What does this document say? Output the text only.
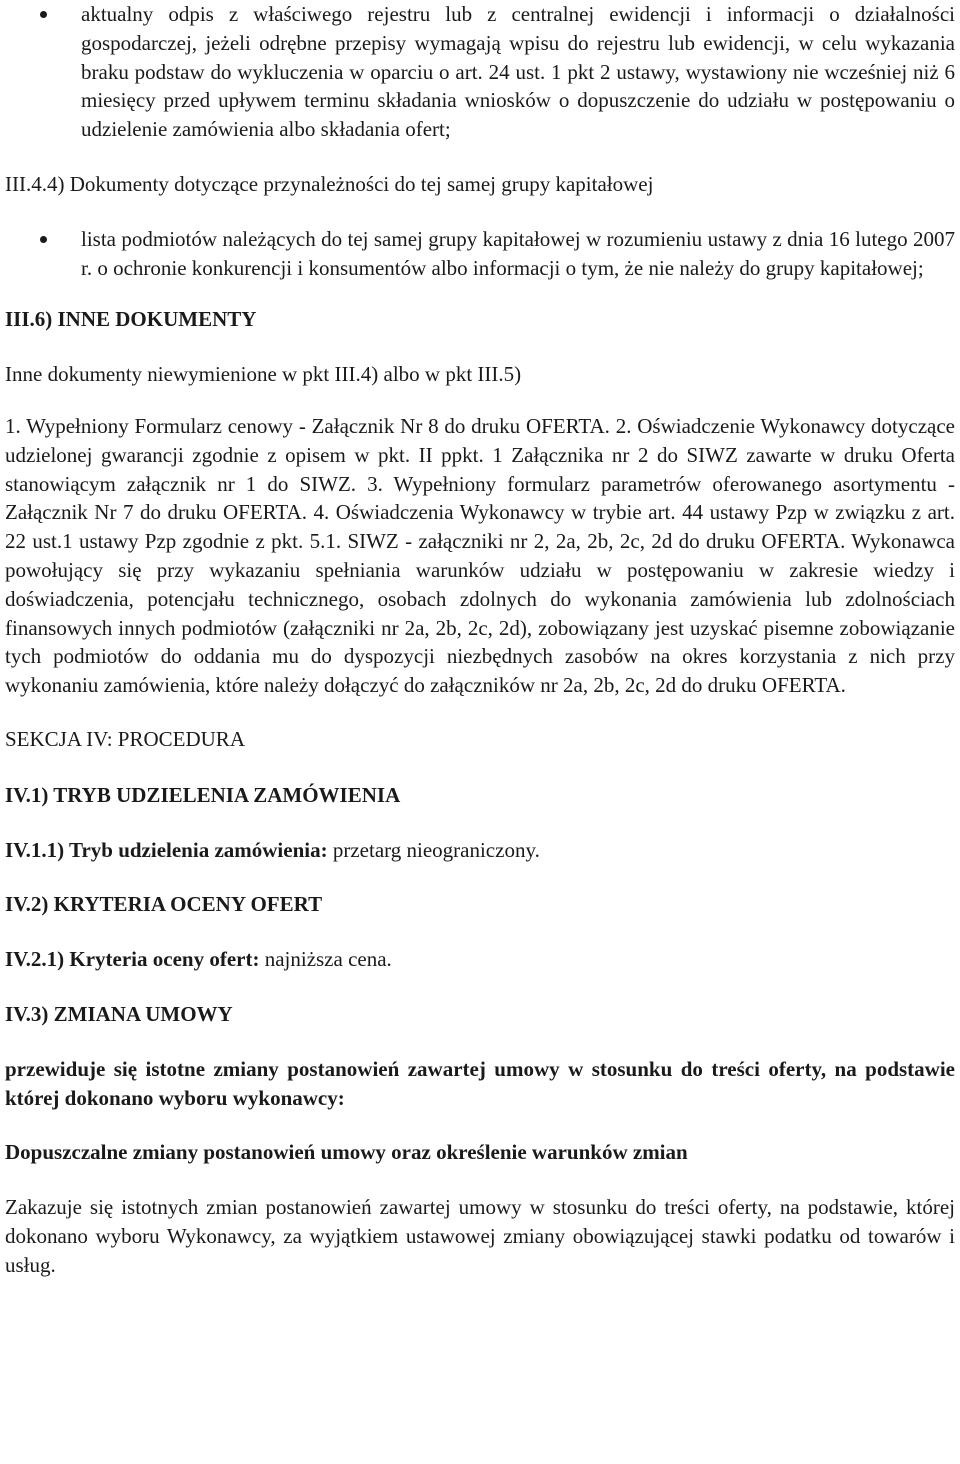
aktualny odpis z właściwego rejestru lub z centralnej ewidencji i informacji o działalności gospodarczej, jeżeli odrębne przepisy wymagają wpisu do rejestru lub ewidencji, w celu wykazania braku podstaw do wykluczenia w oparciu o art. 24 ust. 1 pkt 2 ustawy, wystawiony nie wcześniej niż 6 miesięcy przed upływem terminu składania wniosków o dopuszczenie do udziału w postępowaniu o udzielenie zamówienia albo składania ofert;

III.4.4) Dokumenty dotyczące przynależności do tej samej grupy kapitałowej

lista podmiotów należących do tej samej grupy kapitałowej w rozumieniu ustawy z dnia 16 lutego 2007 r. o ochronie konkurencji i konsumentów albo informacji o tym, że nie należy do grupy kapitałowej;

III.6) INNE DOKUMENTY

Inne dokumenty niewymienione w pkt III.4) albo w pkt III.5)

1. Wypełniony Formularz cenowy - Załącznik Nr 8 do druku OFERTA. 2. Oświadczenie Wykonawcy dotyczące udzielonej gwarancji zgodnie z opisem w pkt. II ppkt. 1 Załącznika nr 2 do SIWZ zawarte w druku Oferta stanowiącym załącznik nr 1 do SIWZ. 3. Wypełniony formularz parametrów oferowanego asortymentu - Załącznik Nr 7 do druku OFERTA. 4. Oświadczenia Wykonawcy w trybie art. 44 ustawy Pzp w związku z art. 22 ust.1 ustawy Pzp zgodnie z pkt. 5.1. SIWZ - załączniki nr 2, 2a, 2b, 2c, 2d do druku OFERTA. Wykonawca powołujący się przy wykazaniu spełniania warunków udziału w postępowaniu w zakresie wiedzy i doświadczenia, potencjału technicznego, osobach zdolnych do wykonania zamówienia lub zdolnościach finansowych innych podmiotów (załączniki nr 2a, 2b, 2c, 2d), zobowiązany jest uzyskać pisemne zobowiązanie tych podmiotów do oddania mu do dyspozycji niezbędnych zasobów na okres korzystania z nich przy wykonaniu zamówienia, które należy dołączyć do załączników nr 2a, 2b, 2c, 2d do druku OFERTA.

SEKCJA IV: PROCEDURA

IV.1) TRYB UDZIELENIA ZAMÓWIENIA

IV.1.1) Tryb udzielenia zamówienia: przetarg nieograniczony.

IV.2) KRYTERIA OCENY OFERT

IV.2.1) Kryteria oceny ofert: najniższa cena.

IV.3) ZMIANA UMOWY

przewiduje się istotne zmiany postanowień zawartej umowy w stosunku do treści oferty, na podstawie której dokonano wyboru wykonawcy:

Dopuszczalne zmiany postanowień umowy oraz określenie warunków zmian

Zakazuje się istotnych zmian postanowień zawartej umowy w stosunku do treści oferty, na podstawie, której dokonano wyboru Wykonawcy, za wyjątkiem ustawowej zmiany obowiązującej stawki podatku od towarów i usług.
